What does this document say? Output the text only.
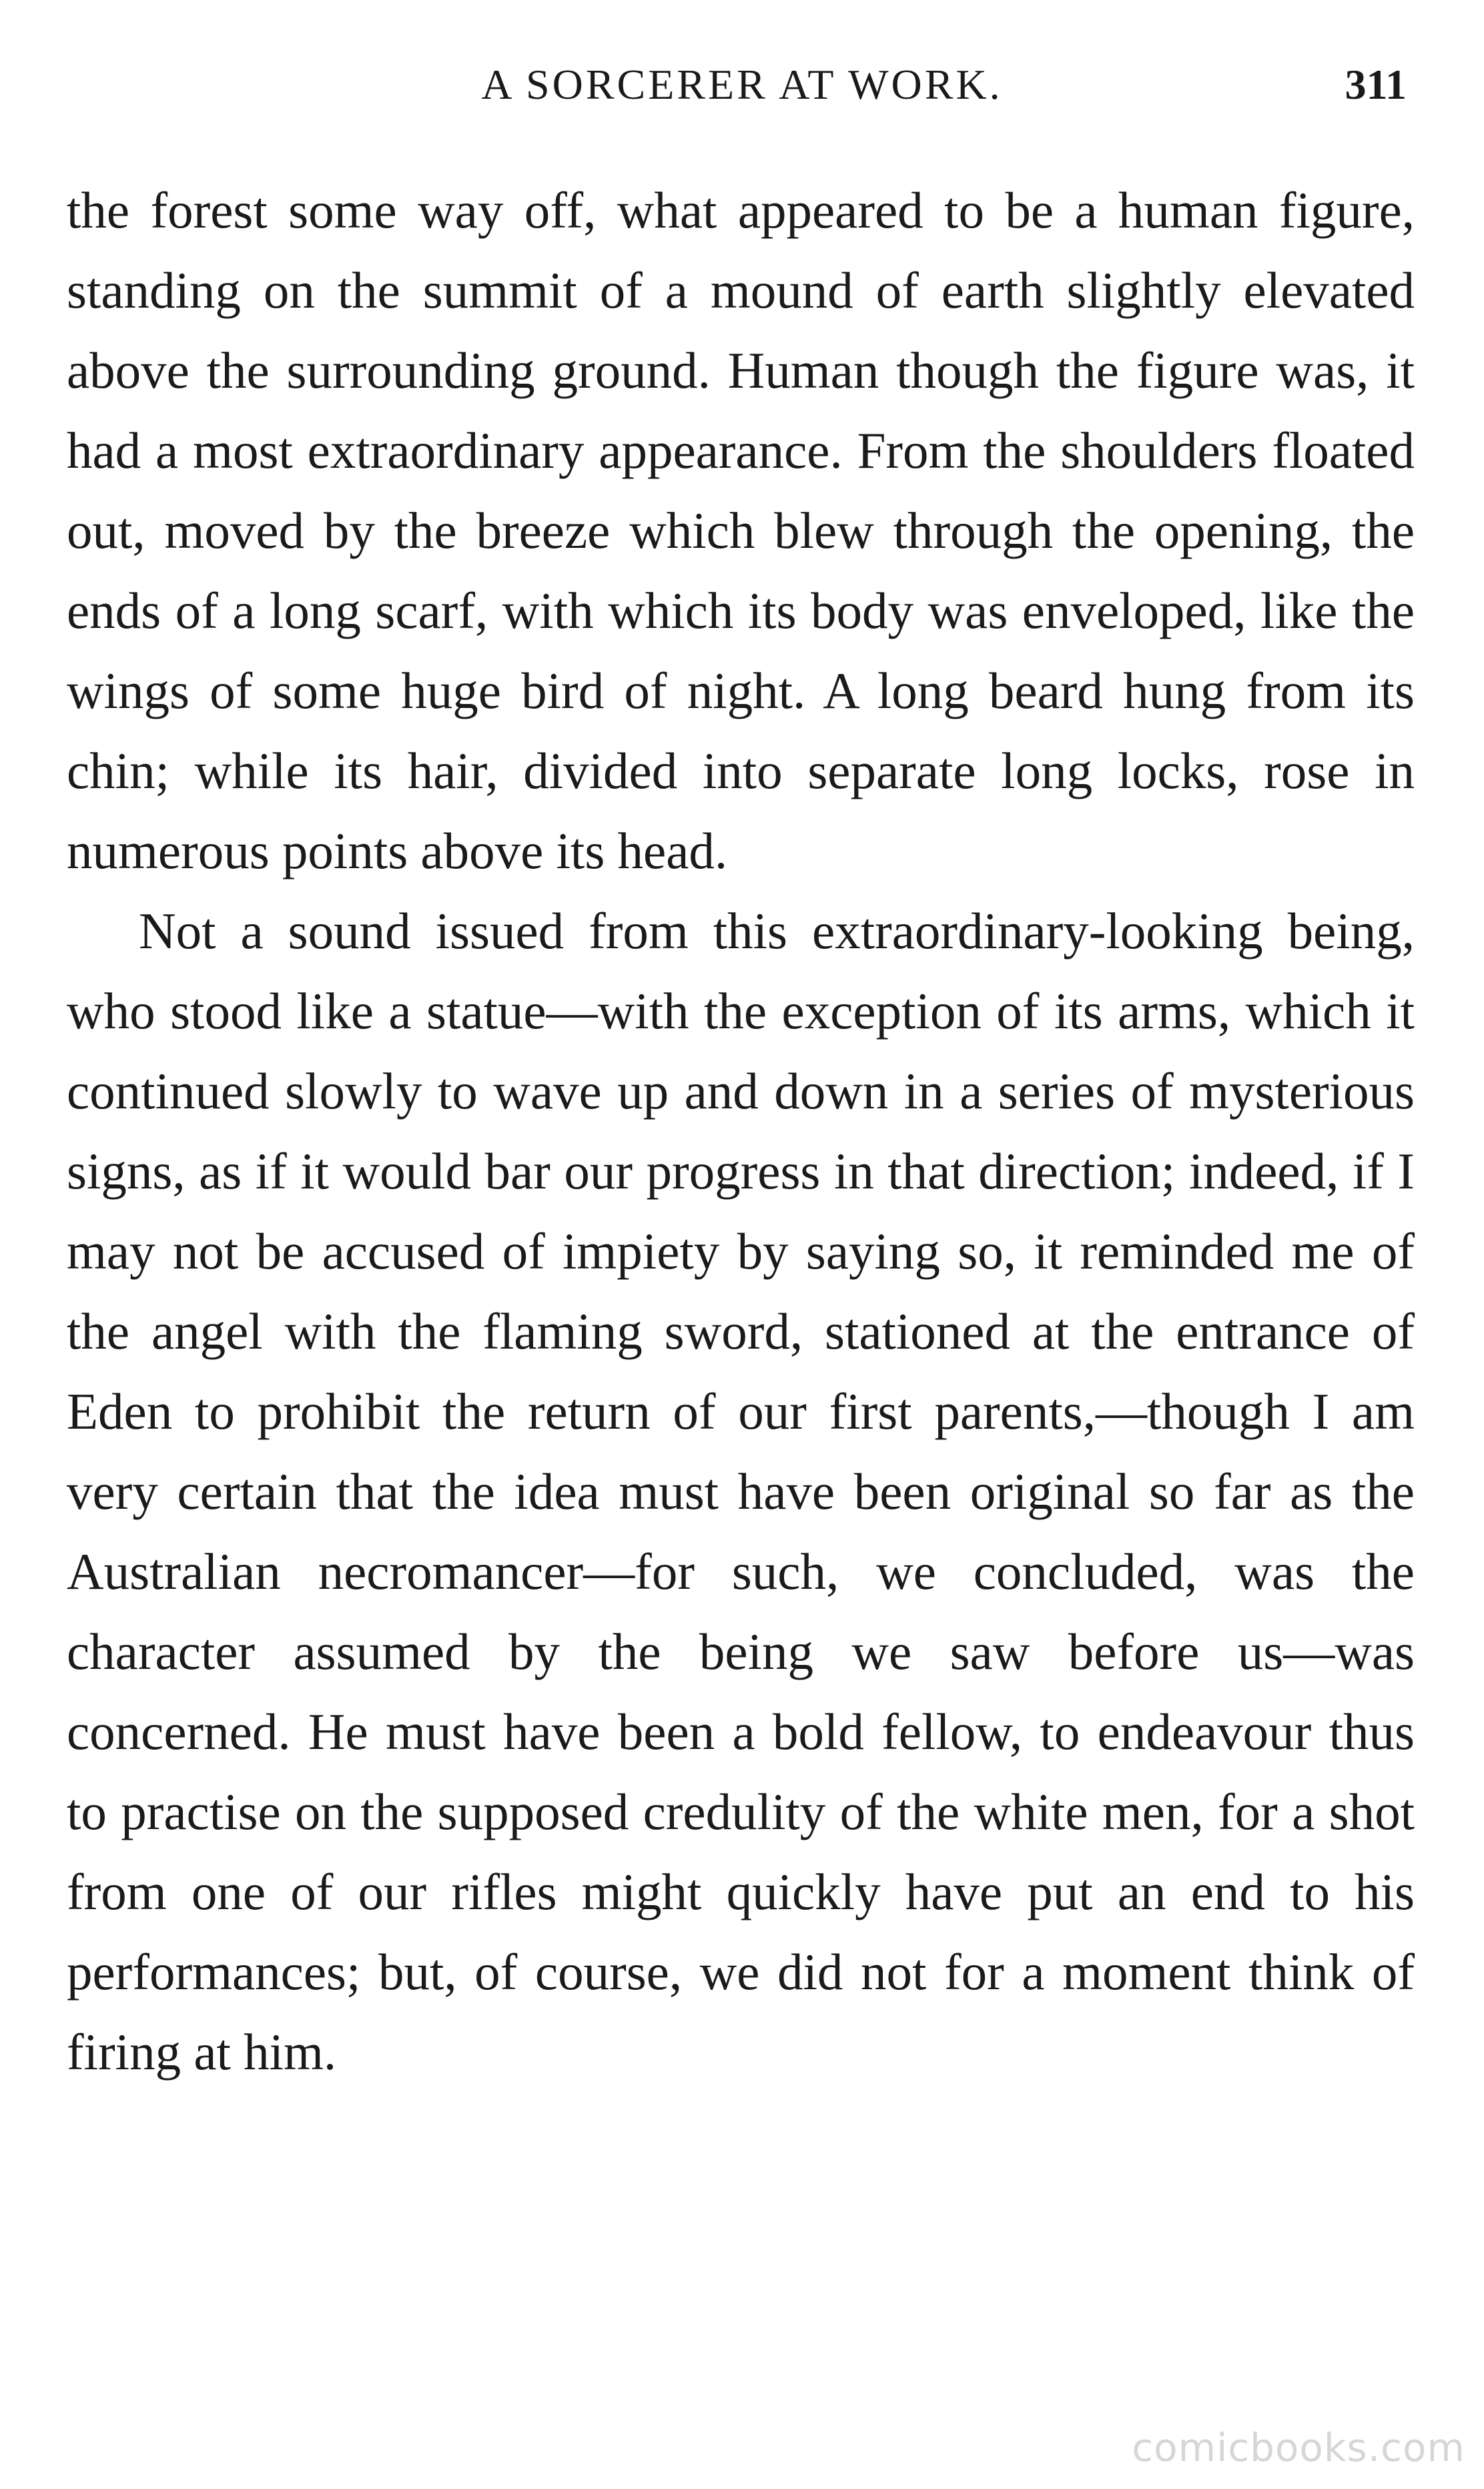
A SORCERER AT WORK.	311

the forest some way off, what appeared to be a human figure, standing on the summit of a mound of earth slightly elevated above the surrounding ground. Human though the figure was, it had a most extraordinary appearance. From the shoulders floated out, moved by the breeze which blew through the opening, the ends of a long scarf, with which its body was enveloped, like the wings of some huge bird of night. A long beard hung from its chin; while its hair, divided into separate long locks, rose in numerous points above its head.

Not a sound issued from this extraordinary-looking being, who stood like a statue—with the exception of its arms, which it continued slowly to wave up and down in a series of mysterious signs, as if it would bar our progress in that direction; indeed, if I may not be accused of impiety by saying so, it reminded me of the angel with the flaming sword, stationed at the entrance of Eden to prohibit the return of our first parents,—though I am very certain that the idea must have been original so far as the Australian necromancer—for such, we concluded, was the character assumed by the being we saw before us—was concerned. He must have been a bold fellow, to endeavour thus to practise on the supposed credulity of the white men, for a shot from one of our rifles might quickly have put an end to his performances; but, of course, we did not for a moment think of firing at him.

comicbooks.com
